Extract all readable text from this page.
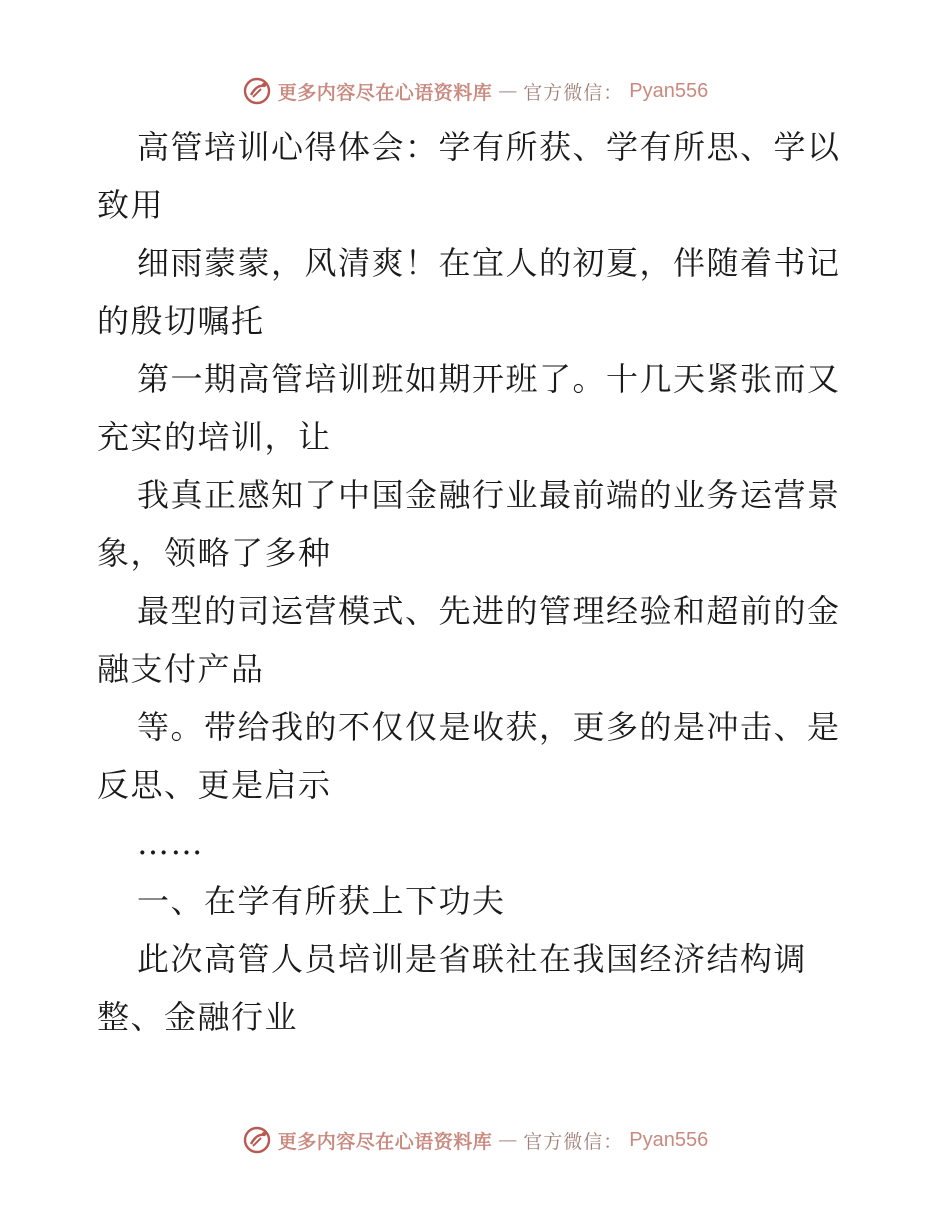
更多内容尽在心语资料库 — 官方微信： Pyan556

高管培训心得体会：学有所获、学有所思、学以致用

细雨蒙蒙，风清爽！在宜人的初夏，伴随着书记的殷切嘱托

第一期高管培训班如期开班了。十几天紧张而又充实的培训，让

我真正感知了中国金融行业最前端的业务运营景象，领略了多种

最型的司运营模式、先进的管理经验和超前的金融支付产品

等。带给我的不仅仅是收获，更多的是冲击、是反思、更是启示

……

一、在学有所获上下功夫

此次高管人员培训是省联社在我国经济结构调整、金融行业

更多内容尽在心语资料库 — 官方微信： Pyan556
